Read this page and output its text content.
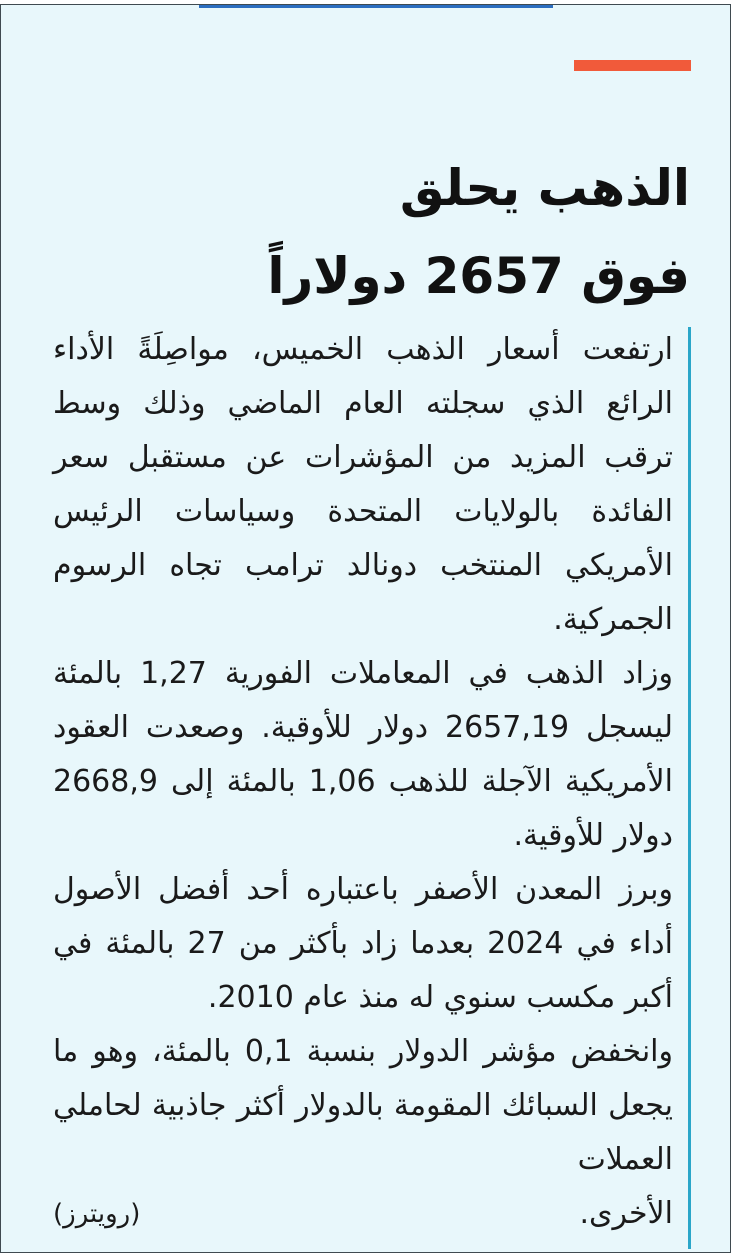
الذهب يحلق
فوق 2657 دولاراً

ارتفعت أسعار الذهب الخميس، مواصِلَةً الأداء الرائع الذي سجلته العام الماضي وذلك وسط ترقب المزيد من المؤشرات عن مستقبل سعر الفائدة بالولايات المتحدة وسياسات الرئيس الأمريكي المنتخب دونالد ترامب تجاه الرسوم الجمركية.

وزاد الذهب في المعاملات الفورية 1,27 بالمئة ليسجل 2657,19 دولار للأوقية. وصعدت العقود الأمريكية الآجلة للذهب 1,06 بالمئة إلى 2668,9 دولار للأوقية.

وبرز المعدن الأصفر باعتباره أحد أفضل الأصول أداء في 2024 بعدما زاد بأكثر من 27 بالمئة في أكبر مكسب سنوي له منذ عام 2010.

وانخفض مؤشر الدولار بنسبة 0,1 بالمئة، وهو ما يجعل السبائك المقومة بالدولار أكثر جاذبية لحاملي العملات

الأخرى.
(رويترز)
